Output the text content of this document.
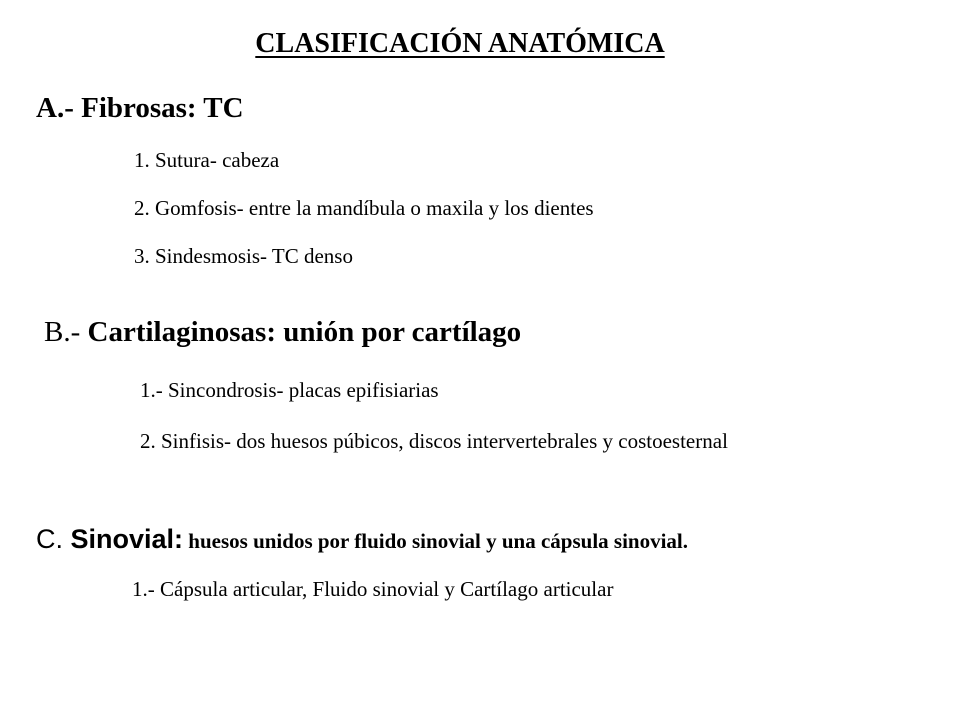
CLASIFICACIÓN ANATÓMICA
A.- Fibrosas: TC
1. Sutura- cabeza
2. Gomfosis- entre la mandíbula o maxila y los dientes
3. Sindesmosis- TC denso
B.- Cartilaginosas: unión por cartílago
1.- Sincondrosis- placas epifisiarias
2. Sinfisis- dos huesos púbicos, discos intervertebrales y costoesternal
C. Sinovial: huesos unidos por fluido sinovial y una cápsula sinovial.
1.- Cápsula articular, Fluido sinovial y Cartílago articular
